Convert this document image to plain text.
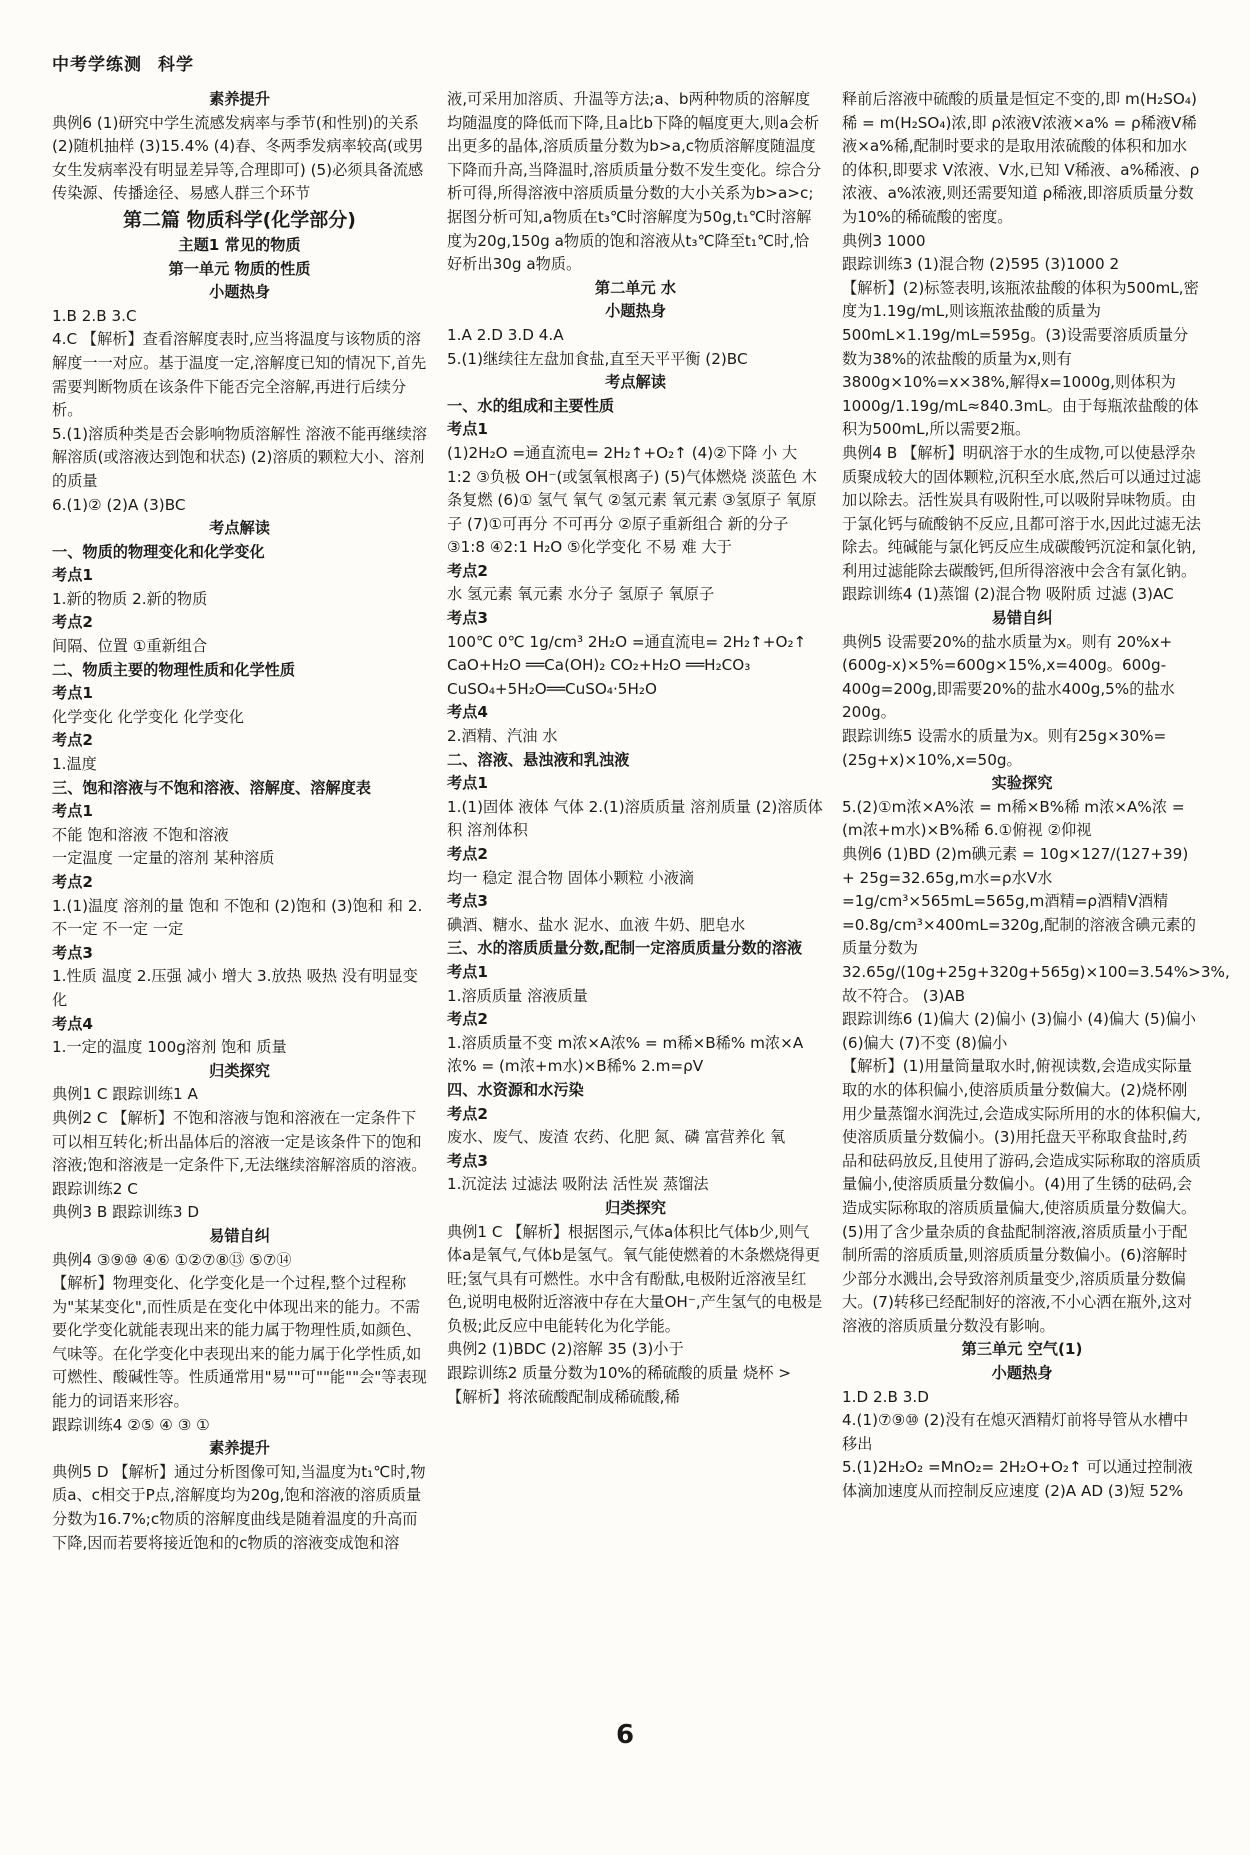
中考学练测 科学
素养提升
典例6 (1)研究中学生流感发病率与季节(和性别)的关系 (2)随机抽样 (3)15.4% (4)春、冬两季发病率较高(或男女生发病率没有明显差异等,合理即可) (5)必须具备流感传染源、传播途径、易感人群三个环节
第二篇 物质科学(化学部分)
主题1 常见的物质
第一单元 物质的性质
小题热身
1.B 2.B 3.C
4.C 【解析】查看溶解度表时,应当将温度与该物质的溶解度一一对应。基于温度一定,溶解度已知的情况下,首先需要判断物质在该条件下能否完全溶解,再进行后续分析。
5.(1)溶质种类是否会影响物质溶解性 溶液不能再继续溶解溶质(或溶液达到饱和状态) (2)溶质的颗粒大小、溶剂的质量
6.(1)② (2)A (3)BC
考点解读
一、物质的物理变化和化学变化
考点1
1.新的物质 2.新的物质
考点2
间隔、位置 ①重新组合
二、物质主要的物理性质和化学性质
考点1
化学变化 化学变化 化学变化
考点2
1.温度
三、饱和溶液与不饱和溶液、溶解度、溶解度表
考点1
不能 饱和溶液 不饱和溶液
一定温度 一定量的溶剂 某种溶质
考点2
1.(1)温度 溶剂的量 饱和 不饱和 (2)饱和 (3)饱和 和 2.不一定 不一定 一定
考点3
1.性质 温度 2.压强 减小 增大 3.放热 吸热 没有明显变化
考点4
1.一定的温度 100g溶剂 饱和 质量
归类探究
典例1 C 跟踪训练1 A
典例2 C 【解析】不饱和溶液与饱和溶液在一定条件下可以相互转化;析出晶体后的溶液一定是该条件下的饱和溶液;饱和溶液是一定条件下,无法继续溶解溶质的溶液。
跟踪训练2 C
典例3 B 跟踪训练3 D
易错自纠
典例4 ③⑨⑩ ④⑥ ①②⑦⑧⑬ ⑤⑦⑭
【解析】物理变化、化学变化是一个过程,整个过程称为"某某变化",而性质是在变化中体现出来的能力。不需要化学变化就能表现出来的能力属于物理性质,如颜色、气味等。在化学变化中表现出来的能力属于化学性质,如可燃性、酸碱性等。性质通常用"易""可""能""会"等表现能力的词语来形容。
跟踪训练4 ②⑤ ④ ③ ①
素养提升
典例5 D 【解析】通过分析图像可知,当温度为t₁℃时,物质a、c相交于P点,溶解度均为20g,饱和溶液的溶质质量分数为16.7%;c物质的溶解度曲线是随着温度的升高而下降,因而若要将接近饱和的c物质的溶液变成饱和溶
液,可采用加溶质、升温等方法;a、b两种物质的溶解度均随温度的降低而下降,且a比b下降的幅度更大,则a会析出更多的晶体,溶质质量分数为b>a,c物质溶解度随温度下降而升高,当降温时,溶质质量分数不发生变化。综合分析可得,所得溶液中溶质质量分数的大小关系为b>a>c;据图分析可知,a物质在t₃℃时溶解度为50g,t₁℃时溶解度为20g,150g a物质的饱和溶液从t₃℃降至t₁℃时,恰好析出30g a物质。
第二单元 水
小题热身
1.A 2.D 3.D 4.A
5.(1)继续往左盘加食盐,直至天平平衡 (2)BC
考点解读
一、水的组成和主要性质
考点1
(1)2H₂O =通直流电= 2H₂↑+O₂↑ (4)②下降 小 大 1:2 ③负极 OH⁻(或氢氧根离子) (5)气体燃烧 淡蓝色 木条复燃 (6)① 氢气 氧气 ②氢元素 氧元素 ③氢原子 氧原子 (7)①可再分 不可再分 ②原子重新组合 新的分子 ③1:8 ④2:1 H₂O ⑤化学变化 不易 难 大于
考点2
水 氢元素 氧元素 水分子 氢原子 氧原子
考点3
100℃ 0℃ 1g/cm³ 2H₂O =通直流电= 2H₂↑+O₂↑ CaO+H₂O ══Ca(OH)₂ CO₂+H₂O ══H₂CO₃ CuSO₄+5H₂O══CuSO₄·5H₂O
考点4
2.酒精、汽油 水
二、溶液、悬浊液和乳浊液
考点1
1.(1)固体 液体 气体 2.(1)溶质质量 溶剂质量 (2)溶质体积 溶剂体积
考点2
均一 稳定 混合物 固体小颗粒 小液滴
考点3
碘酒、糖水、盐水 泥水、血液 牛奶、肥皂水
三、水的溶质质量分数,配制一定溶质质量分数的溶液
考点1
1.溶质质量 溶液质量
考点2
1.溶质质量不变 m浓×A浓% = m稀×B稀% m浓×A浓% = (m浓+m水)×B稀% 2.m=ρV
四、水资源和水污染
考点2
废水、废气、废渣 农药、化肥 氮、磷 富营养化 氧
考点3
1.沉淀法 过滤法 吸附法 活性炭 蒸馏法
归类探究
典例1 C 【解析】根据图示,气体a体积比气体b少,则气体a是氧气,气体b是氢气。氧气能使燃着的木条燃烧得更旺;氢气具有可燃性。水中含有酚酞,电极附近溶液呈红色,说明电极附近溶液中存在大量OH⁻,产生氢气的电极是负极;此反应中电能转化为化学能。
典例2 (1)BDC (2)溶解 35 (3)小于
跟踪训练2 质量分数为10%的稀硫酸的质量 烧杯 > 【解析】将浓硫酸配制成稀硫酸,稀
释前后溶液中硫酸的质量是恒定不变的,即 m(H₂SO₄)稀 = m(H₂SO₄)浓,即 ρ浓液V浓液×a% = ρ稀液V稀液×a%稀,配制时要求的是取用浓硫酸的体积和加水的体积,即要求 V浓液、V水,已知 V稀液、a%稀液、ρ浓液、a%浓液,则还需要知道 ρ稀液,即溶质质量分数为10%的稀硫酸的密度。
典例3 1000
跟踪训练3 (1)混合物 (2)595 (3)1000 2
【解析】(2)标签表明,该瓶浓盐酸的体积为500mL,密度为1.19g/mL,则该瓶浓盐酸的质量为500mL×1.19g/mL=595g。(3)设需要溶质质量分数为38%的浓盐酸的质量为x,则有3800g×10%=x×38%,解得x=1000g,则体积为 1000g/1.19g/mL≈840.3mL。由于每瓶浓盐酸的体积为500mL,所以需要2瓶。
典例4 B 【解析】明矾溶于水的生成物,可以使悬浮杂质聚成较大的固体颗粒,沉积至水底,然后可以通过过滤加以除去。活性炭具有吸附性,可以吸附异味物质。由于氯化钙与硫酸钠不反应,且都可溶于水,因此过滤无法除去。纯碱能与氯化钙反应生成碳酸钙沉淀和氯化钠,利用过滤能除去碳酸钙,但所得溶液中会含有氯化钠。
跟踪训练4 (1)蒸馏 (2)混合物 吸附质 过滤 (3)AC
易错自纠
典例5 设需要20%的盐水质量为x。则有 20%x+(600g-x)×5%=600g×15%,x=400g。600g-400g=200g,即需要20%的盐水400g,5%的盐水200g。
跟踪训练5 设需水的质量为x。则有25g×30%=(25g+x)×10%,x=50g。
实验探究
5.(2)①m浓×A%浓 = m稀×B%稀 m浓×A%浓 = (m浓+m水)×B%稀 6.①俯视 ②仰视
典例6 (1)BD (2)m碘元素 = 10g×127/(127+39) + 25g=32.65g,m水=ρ水V水=1g/cm³×565mL=565g,m酒精=ρ酒精V酒精=0.8g/cm³×400mL=320g,配制的溶液含碘元素的质量分数为 32.65g/(10g+25g+320g+565g)×100=3.54%>3%,故不符合。 (3)AB
跟踪训练6 (1)偏大 (2)偏小 (3)偏小 (4)偏大 (5)偏小 (6)偏大 (7)不变 (8)偏小
【解析】(1)用量筒量取水时,俯视读数,会造成实际量取的水的体积偏小,使溶质质量分数偏大。(2)烧杯刚用少量蒸馏水润洗过,会造成实际所用的水的体积偏大,使溶质质量分数偏小。(3)用托盘天平称取食盐时,药品和砝码放反,且使用了游码,会造成实际称取的溶质质量偏小,使溶质质量分数偏小。(4)用了生锈的砝码,会造成实际称取的溶质质量偏大,使溶质质量分数偏大。(5)用了含少量杂质的食盐配制溶液,溶质质量小于配制所需的溶质质量,则溶质质量分数偏小。(6)溶解时少部分水溅出,会导致溶剂质量变少,溶质质量分数偏大。(7)转移已经配制好的溶液,不小心洒在瓶外,这对溶液的溶质质量分数没有影响。
第三单元 空气(1)
小题热身
1.D 2.B 3.D
4.(1)⑦⑨⑩ (2)没有在熄灭酒精灯前将导管从水槽中移出
5.(1)2H₂O₂ =MnO₂= 2H₂O+O₂↑ 可以通过控制液体滴加速度从而控制反应速度 (2)A AD (3)短 52%
6
